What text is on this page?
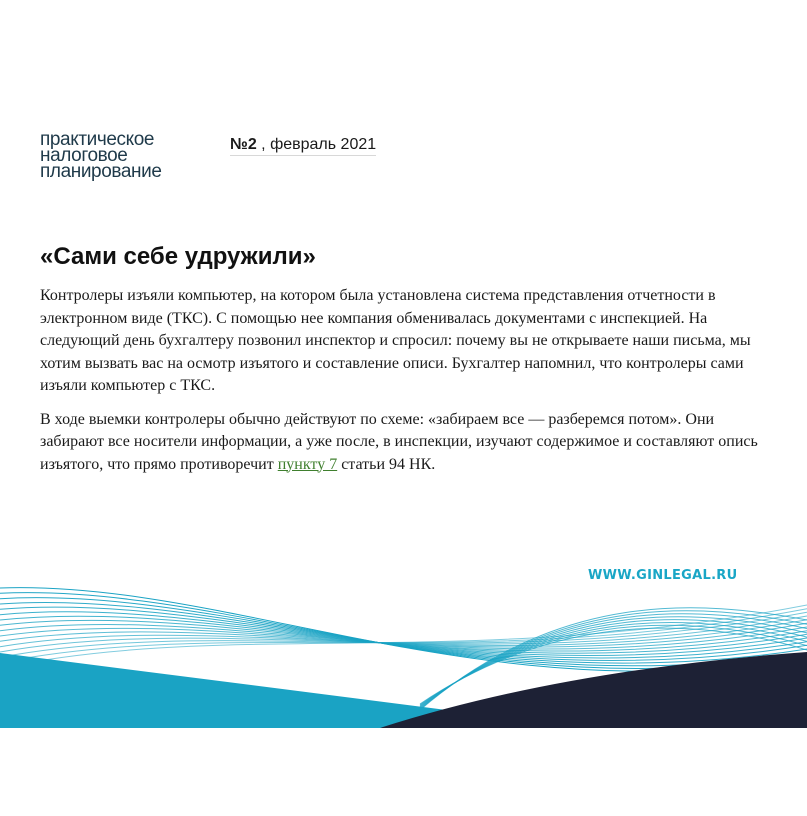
практическое
налоговое
планирование
№2 , февраль 2021
«Сами себе удружили»

Контролеры изъяли компьютер, на котором была установлена система представления отчетности в электронном виде (ТКС). С помощью нее компания обменивалась документами с инспекцией. На следующий день бухгалтеру позвонил инспектор и спросил: почему вы не открываете наши письма, мы хотим вызвать вас на осмотр изъятого и составление описи. Бухгалтер напомнил, что контролеры сами изъяли компьютер с ТКС.

В ходе выемки контролеры обычно действуют по схеме: «забираем все — разберемся потом». Они забирают все носители информации, а уже после, в инспекции, изучают содержимое и составляют опись изъятого, что прямо противоречит пункту 7 статьи 94 НК.

WWW.GINLEGAL.RU
